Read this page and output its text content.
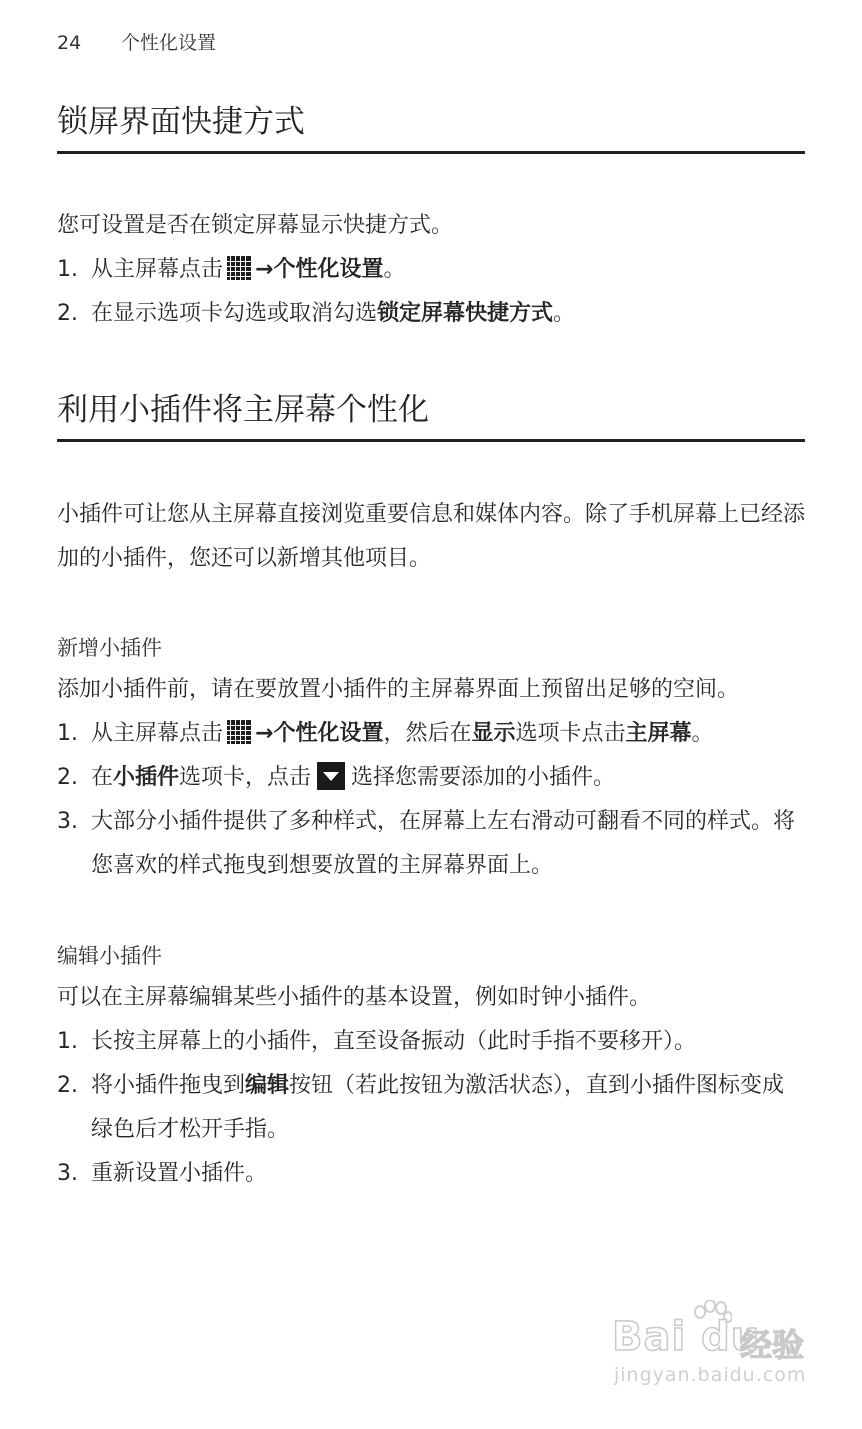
24 个性化设置
锁屏界面快捷方式
您可设置是否在锁定屏幕显示快捷方式。
1. 从主屏幕点击 →个性化设置。
2. 在显示选项卡勾选或取消勾选锁定屏幕快捷方式。
利用小插件将主屏幕个性化
小插件可让您从主屏幕直接浏览重要信息和媒体内容。除了手机屏幕上已经添加的小插件，您还可以新增其他项目。
新增小插件
添加小插件前，请在要放置小插件的主屏幕界面上预留出足够的空间。
1. 从主屏幕点击 →个性化设置，然后在显示选项卡点击主屏幕。
2. 在小插件选项卡，点击 选择您需要添加的小插件。
3. 大部分小插件提供了多种样式，在屏幕上左右滑动可翻看不同的样式。将您喜欢的样式拖曳到想要放置的主屏幕界面上。
编辑小插件
可以在主屏幕编辑某些小插件的基本设置，例如时钟小插件。
1. 长按主屏幕上的小插件，直至设备振动（此时手指不要移开）。
2. 将小插件拖曳到编辑按钮（若此按钮为激活状态），直到小插件图标变成绿色后才松开手指。
3. 重新设置小插件。
Bai du
经验
jingyan.baidu.com
